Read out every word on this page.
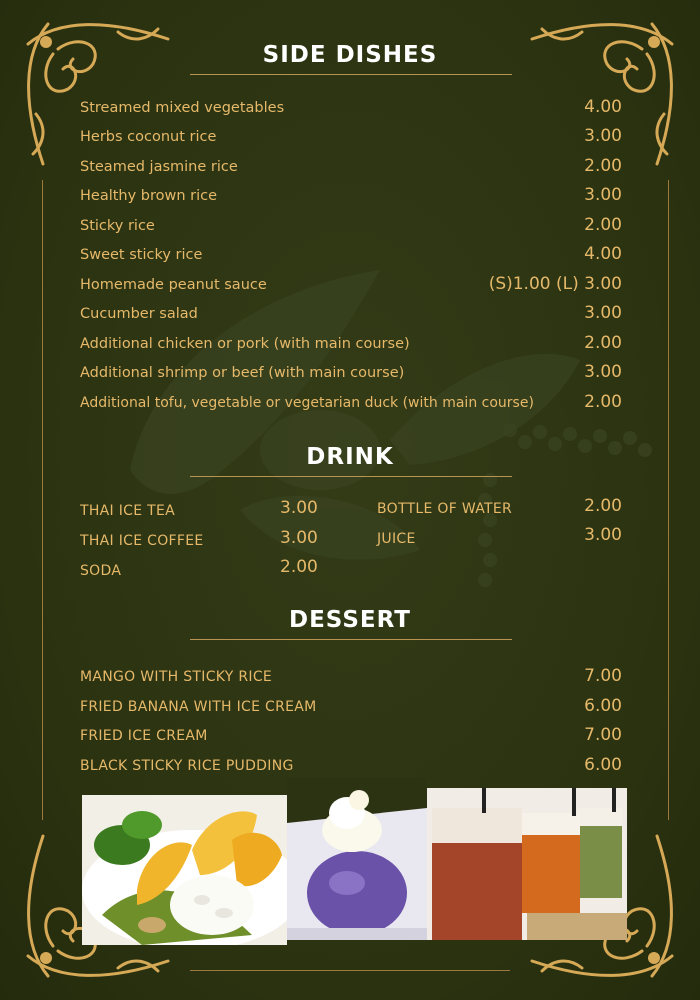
SIDE DISHES
Streamed mixed vegetables	4.00
Herbs coconut rice	3.00
Steamed jasmine rice	2.00
Healthy brown rice	3.00
Sticky rice	2.00
Sweet sticky rice	4.00
Homemade peanut sauce	(S)1.00 (L) 3.00
Cucumber salad	3.00
Additional chicken or pork (with main course)	2.00
Additional shrimp or beef (with main course)	3.00
Additional tofu, vegetable or vegetarian duck (with main course)	2.00
DRINK
THAI ICE TEA	3.00
THAI ICE COFFEE	3.00
SODA	2.00
BOTTLE OF WATER	2.00
JUICE	3.00
DESSERT
MANGO WITH STICKY RICE	7.00
FRIED BANANA WITH ICE CREAM	6.00
FRIED ICE CREAM	7.00
BLACK STICKY RICE PUDDING	6.00
